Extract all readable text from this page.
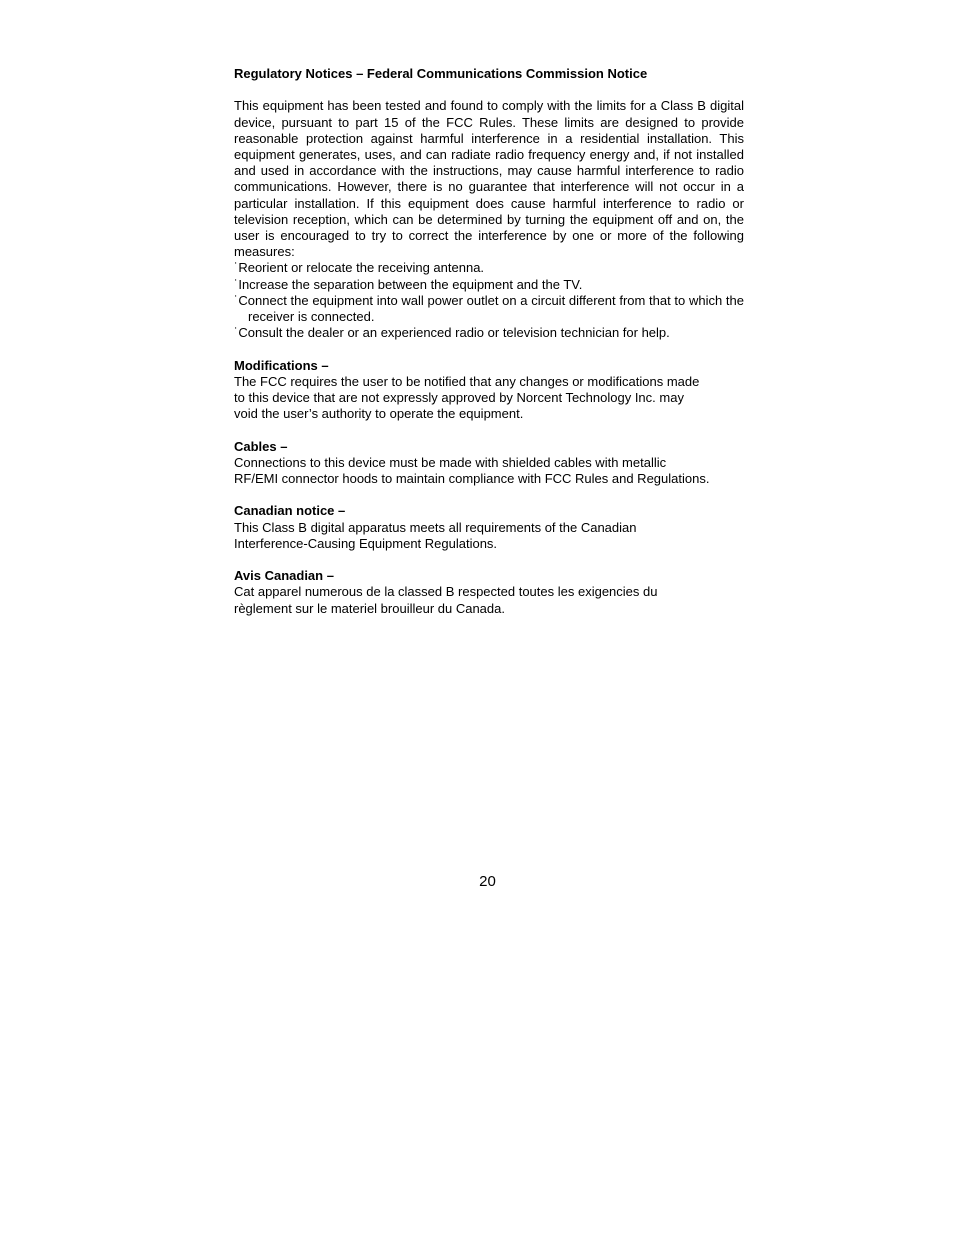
Regulatory Notices – Federal Communications Commission Notice

This equipment has been tested and found to comply with the limits for a Class B digital device, pursuant to part 15 of the FCC Rules. These limits are designed to provide reasonable protection against harmful interference in a residential installation. This equipment generates, uses, and can radiate radio frequency energy and, if not installed and used in accordance with the instructions, may cause harmful interference to radio communications. However, there is no guarantee that interference will not occur in a particular installation. If this equipment does cause harmful interference to radio or television reception, which can be determined by turning the equipment off and on, the user is encouraged to try to correct the interference by one or more of the following measures:

˙Reorient or relocate the receiving antenna.

˙Increase the separation between the equipment and the TV.

˙Connect the equipment into wall power outlet on a circuit different from that to which the receiver is connected.

˙Consult the dealer or an experienced radio or television technician for help.

Modifications –

The FCC requires the user to be notified that any changes or modifications made
to this device that are not expressly approved by Norcent Technology Inc. may
void the user’s authority to operate the equipment.

Cables –

Connections to this device must be made with shielded cables with metallic
RF/EMI connector hoods to maintain compliance with FCC Rules and Regulations.

Canadian notice –

This Class B digital apparatus meets all requirements of the Canadian
Interference-Causing Equipment Regulations.

Avis Canadian –

Cat apparel numerous de la classed B respected toutes les exigencies du
règlement sur le materiel brouilleur du Canada.
20
